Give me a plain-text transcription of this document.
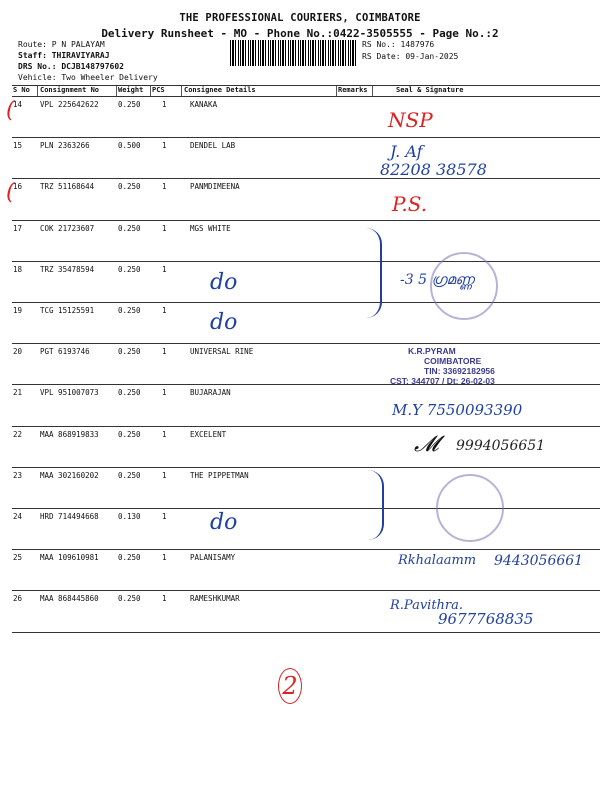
THE PROFESSIONAL COURIERS, COIMBATORE
Delivery Runsheet - MO - Phone No.:0422-3505555 - Page No.:2
Route: P N PALAYAM
Staff: THIRAVIYARAJ
DRS No.: DCJB148797602
Vehicle: Two Wheeler Delivery
RS No.: 1487976
RS Date: 09-Jan-2025
S No Consignment No	Weight PCS	Consignee Details	Remarks	Seal & Signature
14 VPL 225642622	0.250	1	KANAKA
15 PLN 2363266	0.500	1	DENDEL LAB
16 TRZ 51168644	0.250	1	PANMDIMEENA
17 COK 21723607	0.250	1	MGS WHITE
18 TRZ 35478594	0.250	1
19 TCG 15125591	0.250	1
20 PGT 6193746	0.250	1	UNIVERSAL RINE
21 VPL 951007073	0.250	1	BUJARAJAN
22 MAA 868919833	0.250	1	EXCELENT
23 MAA 302160202	0.250	1	THE PIPPETMAN
24 HRD 714494668	0.130	1
25 MAA 109610981	0.250	1	PALANISAMY
26 MAA 868445860	0.250	1	RAMESHKUMAR
(
(
NSP
J. Af
82208 38578
P.S.
do
do
-3 5 ഗ്രമണ്ണ
K.R.PYRAM
COIMBATORE
TIN: 33692182956
CST: 344707 / Dt: 26-02-03
M.Y 7550093390
𝓜 9994056651
do
Rkhalaamm 9443056661
R.Pavithra.
9677768835
2
